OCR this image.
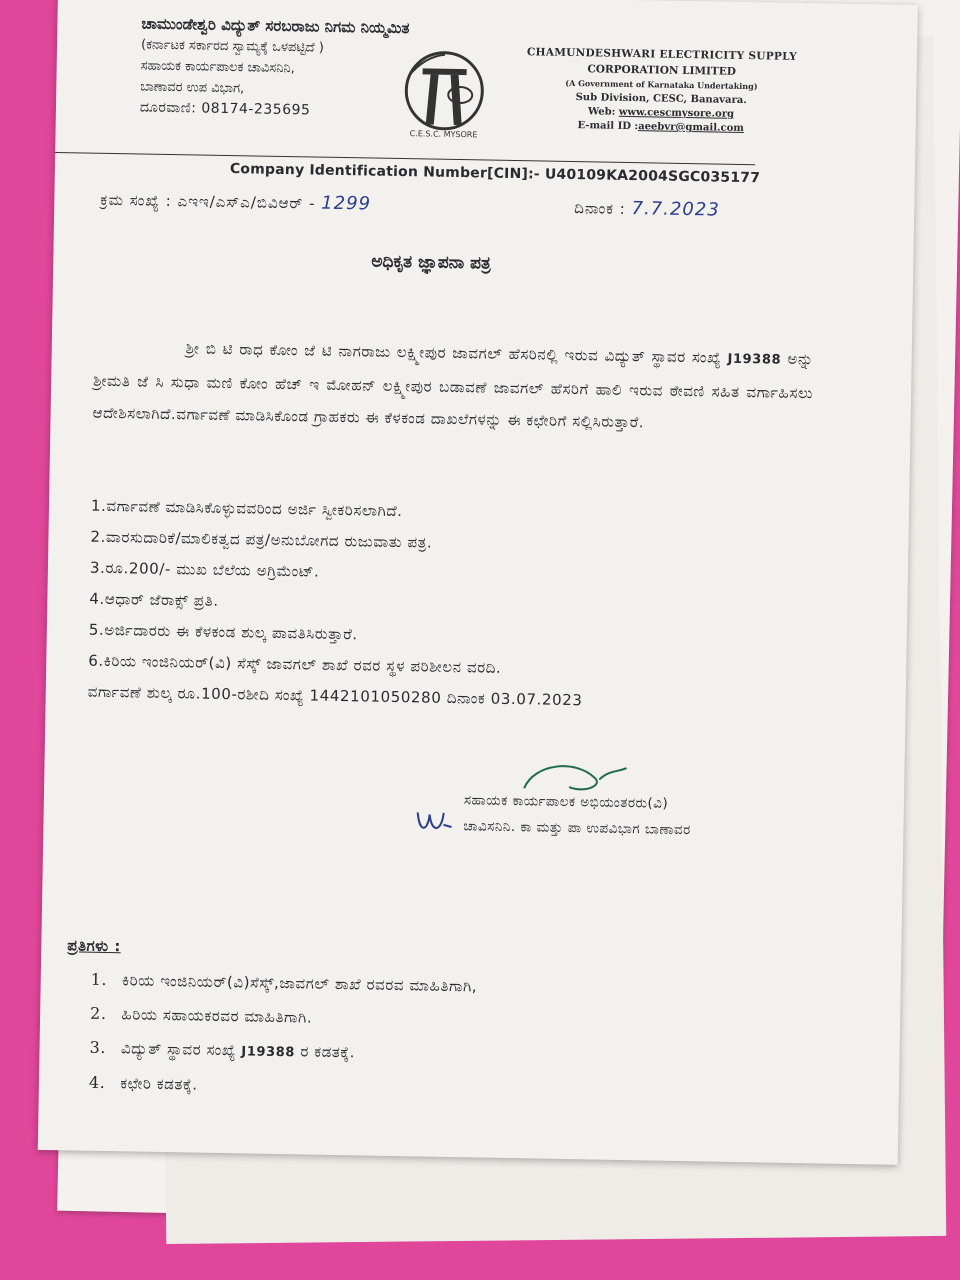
ಚಾಮುಂಡೇಶ್ವರಿ ವಿದ್ಯುತ್ ಸರಬರಾಜು ನಿಗಮ ನಿಯ್ಮಮಿತ
(ಕರ್ನಾಟಕ ಸರ್ಕಾರದ ಸ್ವಾಮ್ಯಕ್ಕೆ ಒಳಪಟ್ಟಿದೆ )
ಸಹಾಯಕ ಕಾರ್ಯಪಾಲಕ ಚಾವಿಸನಿನಿ,
ಬಾಣಾವರ ಉಪ ವಿಭಾಗ,
ದೂರವಾಣಿ: 08174-235695
C.E.S.C. MYSORE
CHAMUNDESHWARI ELECTRICITY SUPPLY
CORPORATION LIMITED
(A Government of Karnataka Undertaking)
Sub Division, CESC, Banavara.
Web: www.cescmysore.org
E-mail ID :aeebvr@gmail.com
Company Identification Number[CIN]:- U40109KA2004SGC035177
ಕ್ರಮ ಸಂಖ್ಯೆ : ಎಇಇ/ಎಸ್ಎ/ಬಿವಿಆರ್ - 1299	ದಿನಾಂಕ : 7.7.2023
ಅಧಿಕೃತ ಜ್ಞಾಪನಾ ಪತ್ರ
ಶ್ರೀ ಬಿ ಟಿ ರಾಧ ಕೋಂ ಜೆ ಟಿ ನಾಗರಾಜು ಲಕ್ಷ್ಮೀಪುರ ಜಾವಗಲ್ ಹೆಸರಿನಲ್ಲಿ ಇರುವ ವಿದ್ಯುತ್ ಸ್ಥಾವರ ಸಂಖ್ಯೆ J19388 ಅನ್ನು ಶ್ರೀಮತಿ ಜೆ ಸಿ ಸುಧಾ ಮಣಿ ಕೋಂ ಹೆಚ್ ಇ ಮೋಹನ್ ಲಕ್ಷ್ಮೀಪುರ ಬಡಾವಣೆ ಜಾವಗಲ್ ಹೆಸರಿಗೆ ಹಾಲಿ ಇರುವ ಠೇವಣಿ ಸಹಿತ ವರ್ಗಾಹಿಸಲು ಆದೇಶಿಸಲಾಗಿದೆ.ವರ್ಗಾವಣೆ ಮಾಡಿಸಿಕೊಂಡ ಗ್ರಾಹಕರು ಈ ಕೆಳಕಂಡ ದಾಖಲೆಗಳನ್ನು ಈ ಕಛೇರಿಗೆ ಸಲ್ಲಿಸಿರುತ್ತಾರೆ.
1.ವರ್ಗಾವಣೆ ಮಾಡಿಸಿಕೊಳ್ಳುವವರಿಂದ ಅರ್ಜಿ ಸ್ವೀಕರಿಸಲಾಗಿದೆ.
2.ವಾರಸುದಾರಿಕೆ/ಮಾಲಿಕತ್ವದ ಪತ್ರ/ಅನುಬೋಗದ ರುಜುವಾತು ಪತ್ರ.
3.ರೂ.200/- ಮುಖ ಬೆಲೆಯ ಅಗ್ರಿಮೆಂಟ್.
4.ಆಧಾರ್ ಜೆರಾಕ್ಸ್ ಪ್ರತಿ.
5.ಅರ್ಜಿದಾರರು ಈ ಕೆಳಕಂಡ ಶುಲ್ಕ ಪಾವತಿಸಿರುತ್ತಾರೆ.
6.ಕಿರಿಯ ಇಂಜಿನಿಯರ್(ವಿ) ಸೆಸ್ಕ್ ಜಾವಗಲ್ ಶಾಖೆ ರವರ ಸ್ಥಳ ಪರಿಶೀಲನ ವರದಿ.
ವರ್ಗಾವಣೆ ಶುಲ್ಕ ರೂ.100-ರಶೀದಿ ಸಂಖ್ಯೆ 1442101050280 ದಿನಾಂಕ 03.07.2023
ಸಹಾಯಕ ಕಾರ್ಯಪಾಲಕ ಅಭಿಯಂತರರು(ವಿ)
ಚಾವಿಸನಿನಿ. ಕಾ ಮತ್ತು ಪಾ ಉಪವಿಭಾಗ ಬಾಣಾವರ
ಪ್ರತಿಗಳು :
1. ಕಿರಿಯ ಇಂಜಿನಿಯರ್(ವಿ)ಸೆಸ್ಕ್,ಜಾವಗಲ್ ಶಾಖೆ ರವರವ ಮಾಹಿತಿಗಾಗಿ,
2. ಹಿರಿಯ ಸಹಾಯಕರವರ ಮಾಹಿತಿಗಾಗಿ.
3. ವಿದ್ಯುತ್ ಸ್ಥಾವರ ಸಂಖ್ಯೆ J19388 ರ ಕಡತಕ್ಕೆ.
4. ಕಛೇರಿ ಕಡತಕ್ಕೆ.
